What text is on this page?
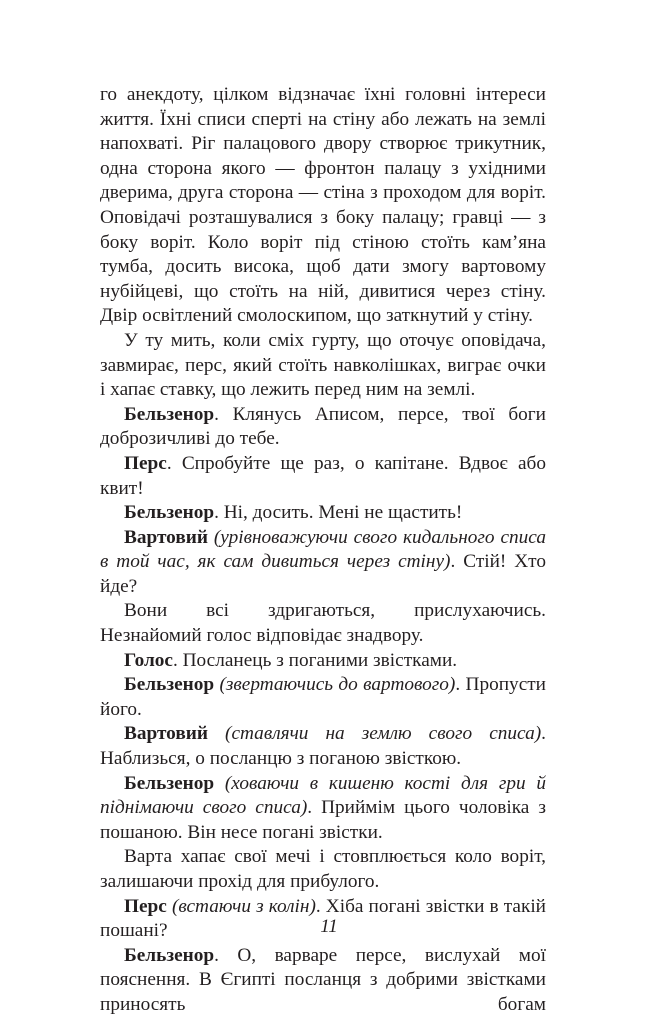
го анекдоту, цілком відзначає їхні головні інтереси життя. Їхні списи сперті на стіну або лежать на землі напохваті. Ріг палацового двору створює трикутник, одна сторона якого — фронтон палацу з ухідними дверима, друга сторона — стіна з проходом для воріт. Оповідачі розташувалися з боку палацу; гравці — з боку воріт. Коло воріт під стіною стоїть кам’яна тумба, досить висока, щоб дати змогу вартовому нубійцеві, що стоїть на ній, дивитися через стіну. Двір освітлений смолоскипом, що заткнутий у стіну.

У ту мить, коли сміх гурту, що оточує оповідача, завмирає, перс, який стоїть навколішках, виграє очки і хапає ставку, що лежить перед ним на землі.

Бельзенор. Клянусь Аписом, персе, твої боги доброзичливі до тебе.

Перс. Спробуйте ще раз, о капітане. Вдвоє або квит!

Бельзенор. Ні, досить. Мені не щастить!

Вартовий (урівноважуючи свого кидального списа в той час, як сам дивиться через стіну). Стій! Хто йде?

Вони всі здригаються, прислухаючись. Незнайомий голос відповідає знадвору.

Голос. Посланець з поганими звістками.

Бельзенор (звертаючись до вартового). Пропусти його.

Вартовий (ставлячи на землю свого списа). Наблизься, о посланцю з поганою звісткою.

Бельзенор (ховаючи в кишеню кості для гри й піднімаючи свого списа). Приймім цього чоловіка з пошаною. Він несе погані звістки.

Варта хапає свої мечі і стовплюється коло воріт, залишаючи прохід для прибулого.

Перс (встаючи з колін). Хіба погані звістки в такій пошані?

Бельзенор. О, варваре персе, вислухай мої пояснення. В Єгипті посланця з добрими звістками приносять богам

11
